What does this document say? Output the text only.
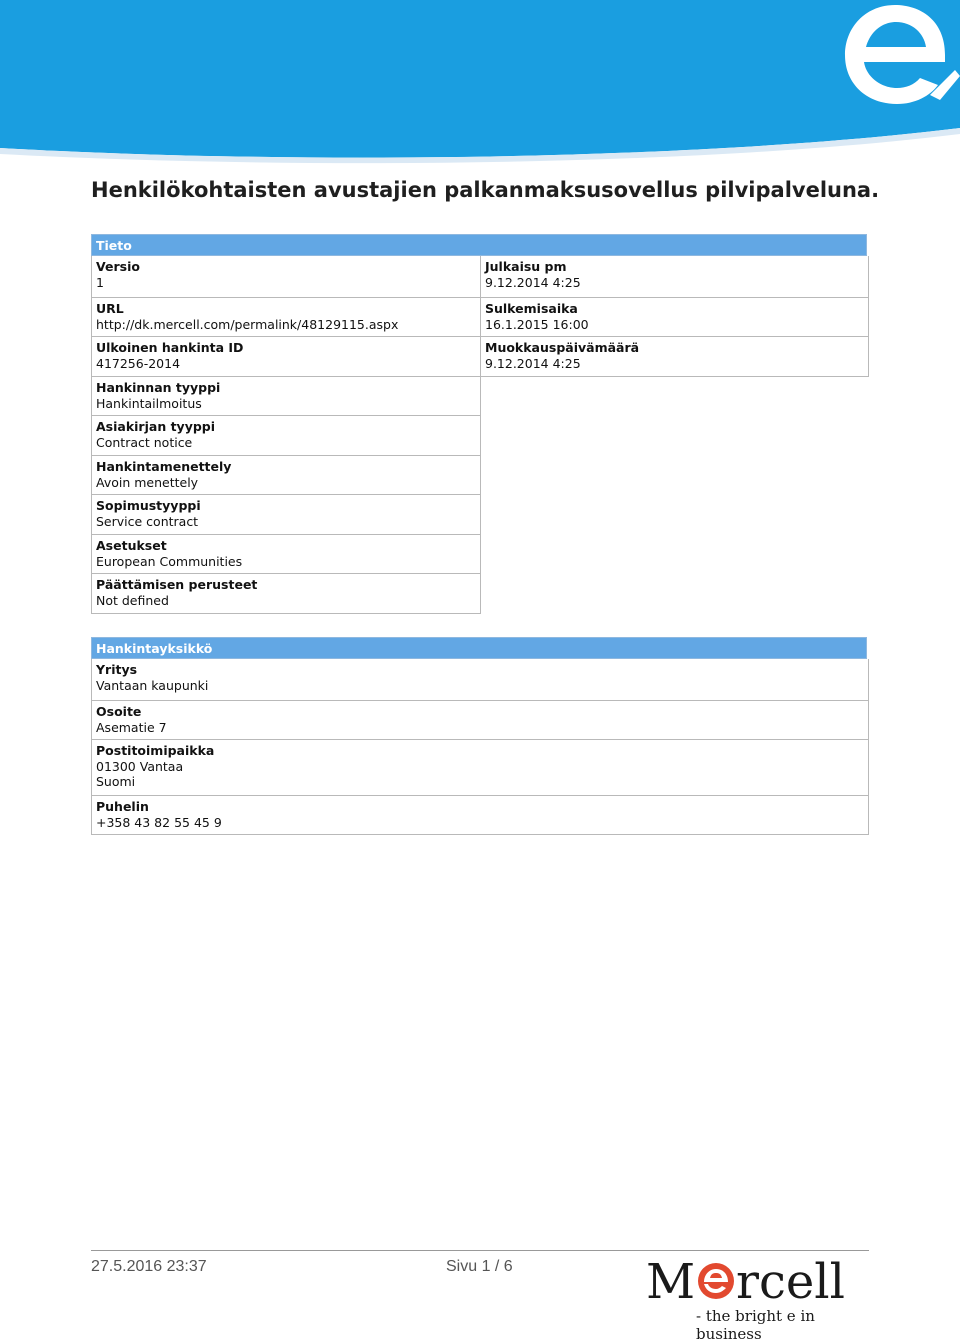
Henkilökohtaisten avustajien palkanmaksusovellus pilvipalveluna.
Tieto
Versio
1
URL
http://dk.mercell.com/permalink/48129115.aspx
Ulkoinen hankinta ID
417256-2014
Hankinnan tyyppi
Hankintailmoitus
Asiakirjan tyyppi
Contract notice
Hankintamenettely
Avoin menettely
Sopimustyyppi
Service contract
Asetukset
European Communities
Päättämisen perusteet
Not defined
Julkaisu pm
9.12.2014 4:25
Sulkemisaika
16.1.2015 16:00
Muokkauspäivämäärä
9.12.2014 4:25
Hankintayksikkö
Yritys
Vantaan kaupunki
Osoite
Asematie 7
Postitoimipaikka
01300 Vantaa
Suomi
Puhelin
+358 43 82 55 45 9
27.5.2016 23:37	Sivu 1 / 6	M rcell
- the bright e in business
